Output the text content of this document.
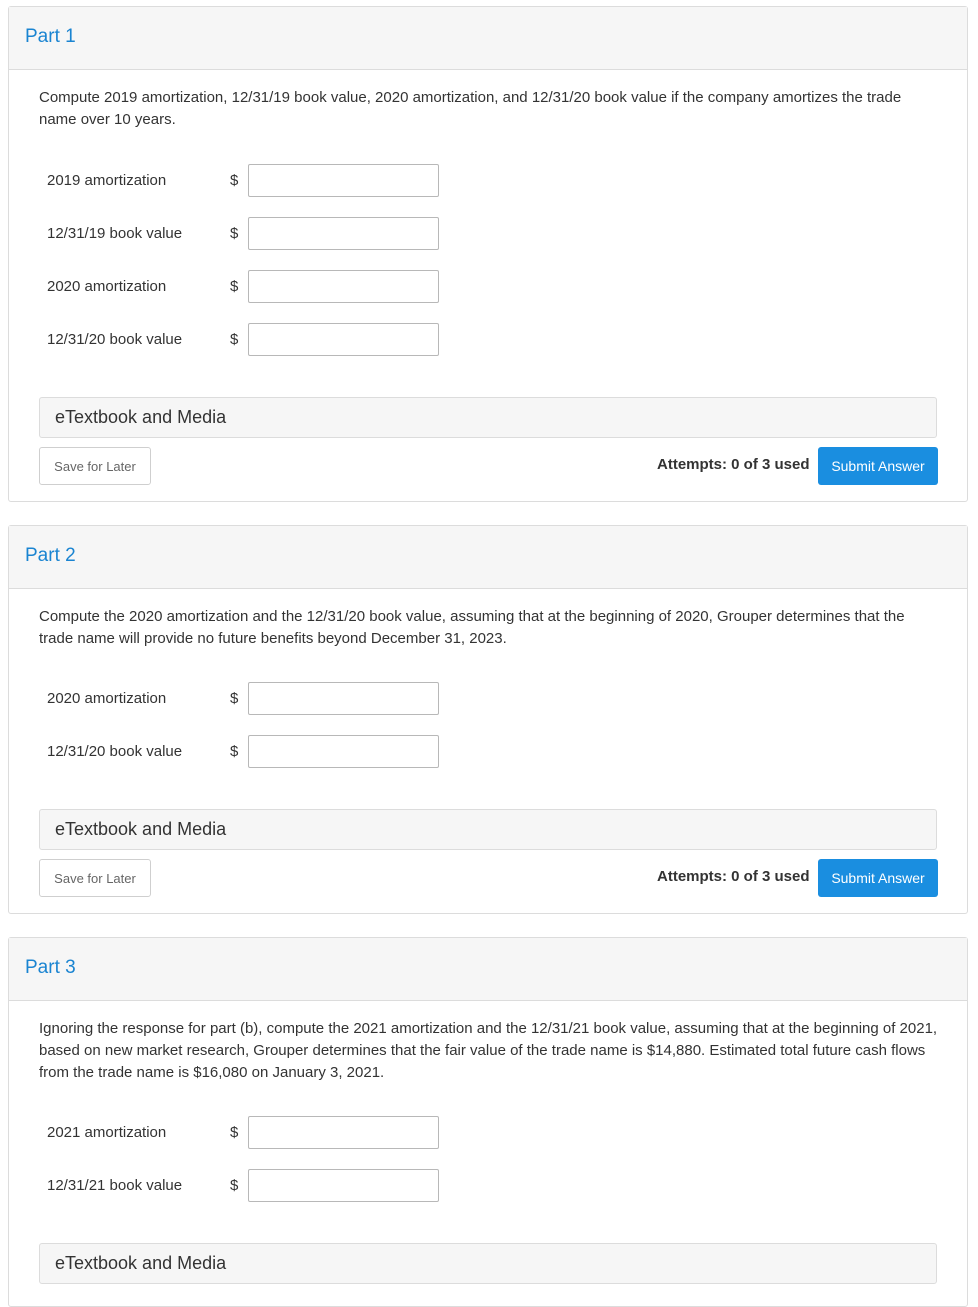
Part 1
Compute 2019 amortization, 12/31/19 book value, 2020 amortization, and 12/31/20 book value if the company amortizes the trade name over 10 years.
2019 amortization	$
12/31/19 book value	$
2020 amortization	$
12/31/20 book value	$
eTextbook and Media
Save for Later	Attempts: 0 of 3 used	Submit Answer
Part 2
Compute the 2020 amortization and the 12/31/20 book value, assuming that at the beginning of 2020, Grouper determines that the trade name will provide no future benefits beyond December 31, 2023.
2020 amortization	$
12/31/20 book value	$
eTextbook and Media
Save for Later	Attempts: 0 of 3 used	Submit Answer
Part 3
Ignoring the response for part (b), compute the 2021 amortization and the 12/31/21 book value, assuming that at the beginning of 2021, based on new market research, Grouper determines that the fair value of the trade name is $14,880. Estimated total future cash flows from the trade name is $16,080 on January 3, 2021.
2021 amortization	$
12/31/21 book value	$
eTextbook and Media
